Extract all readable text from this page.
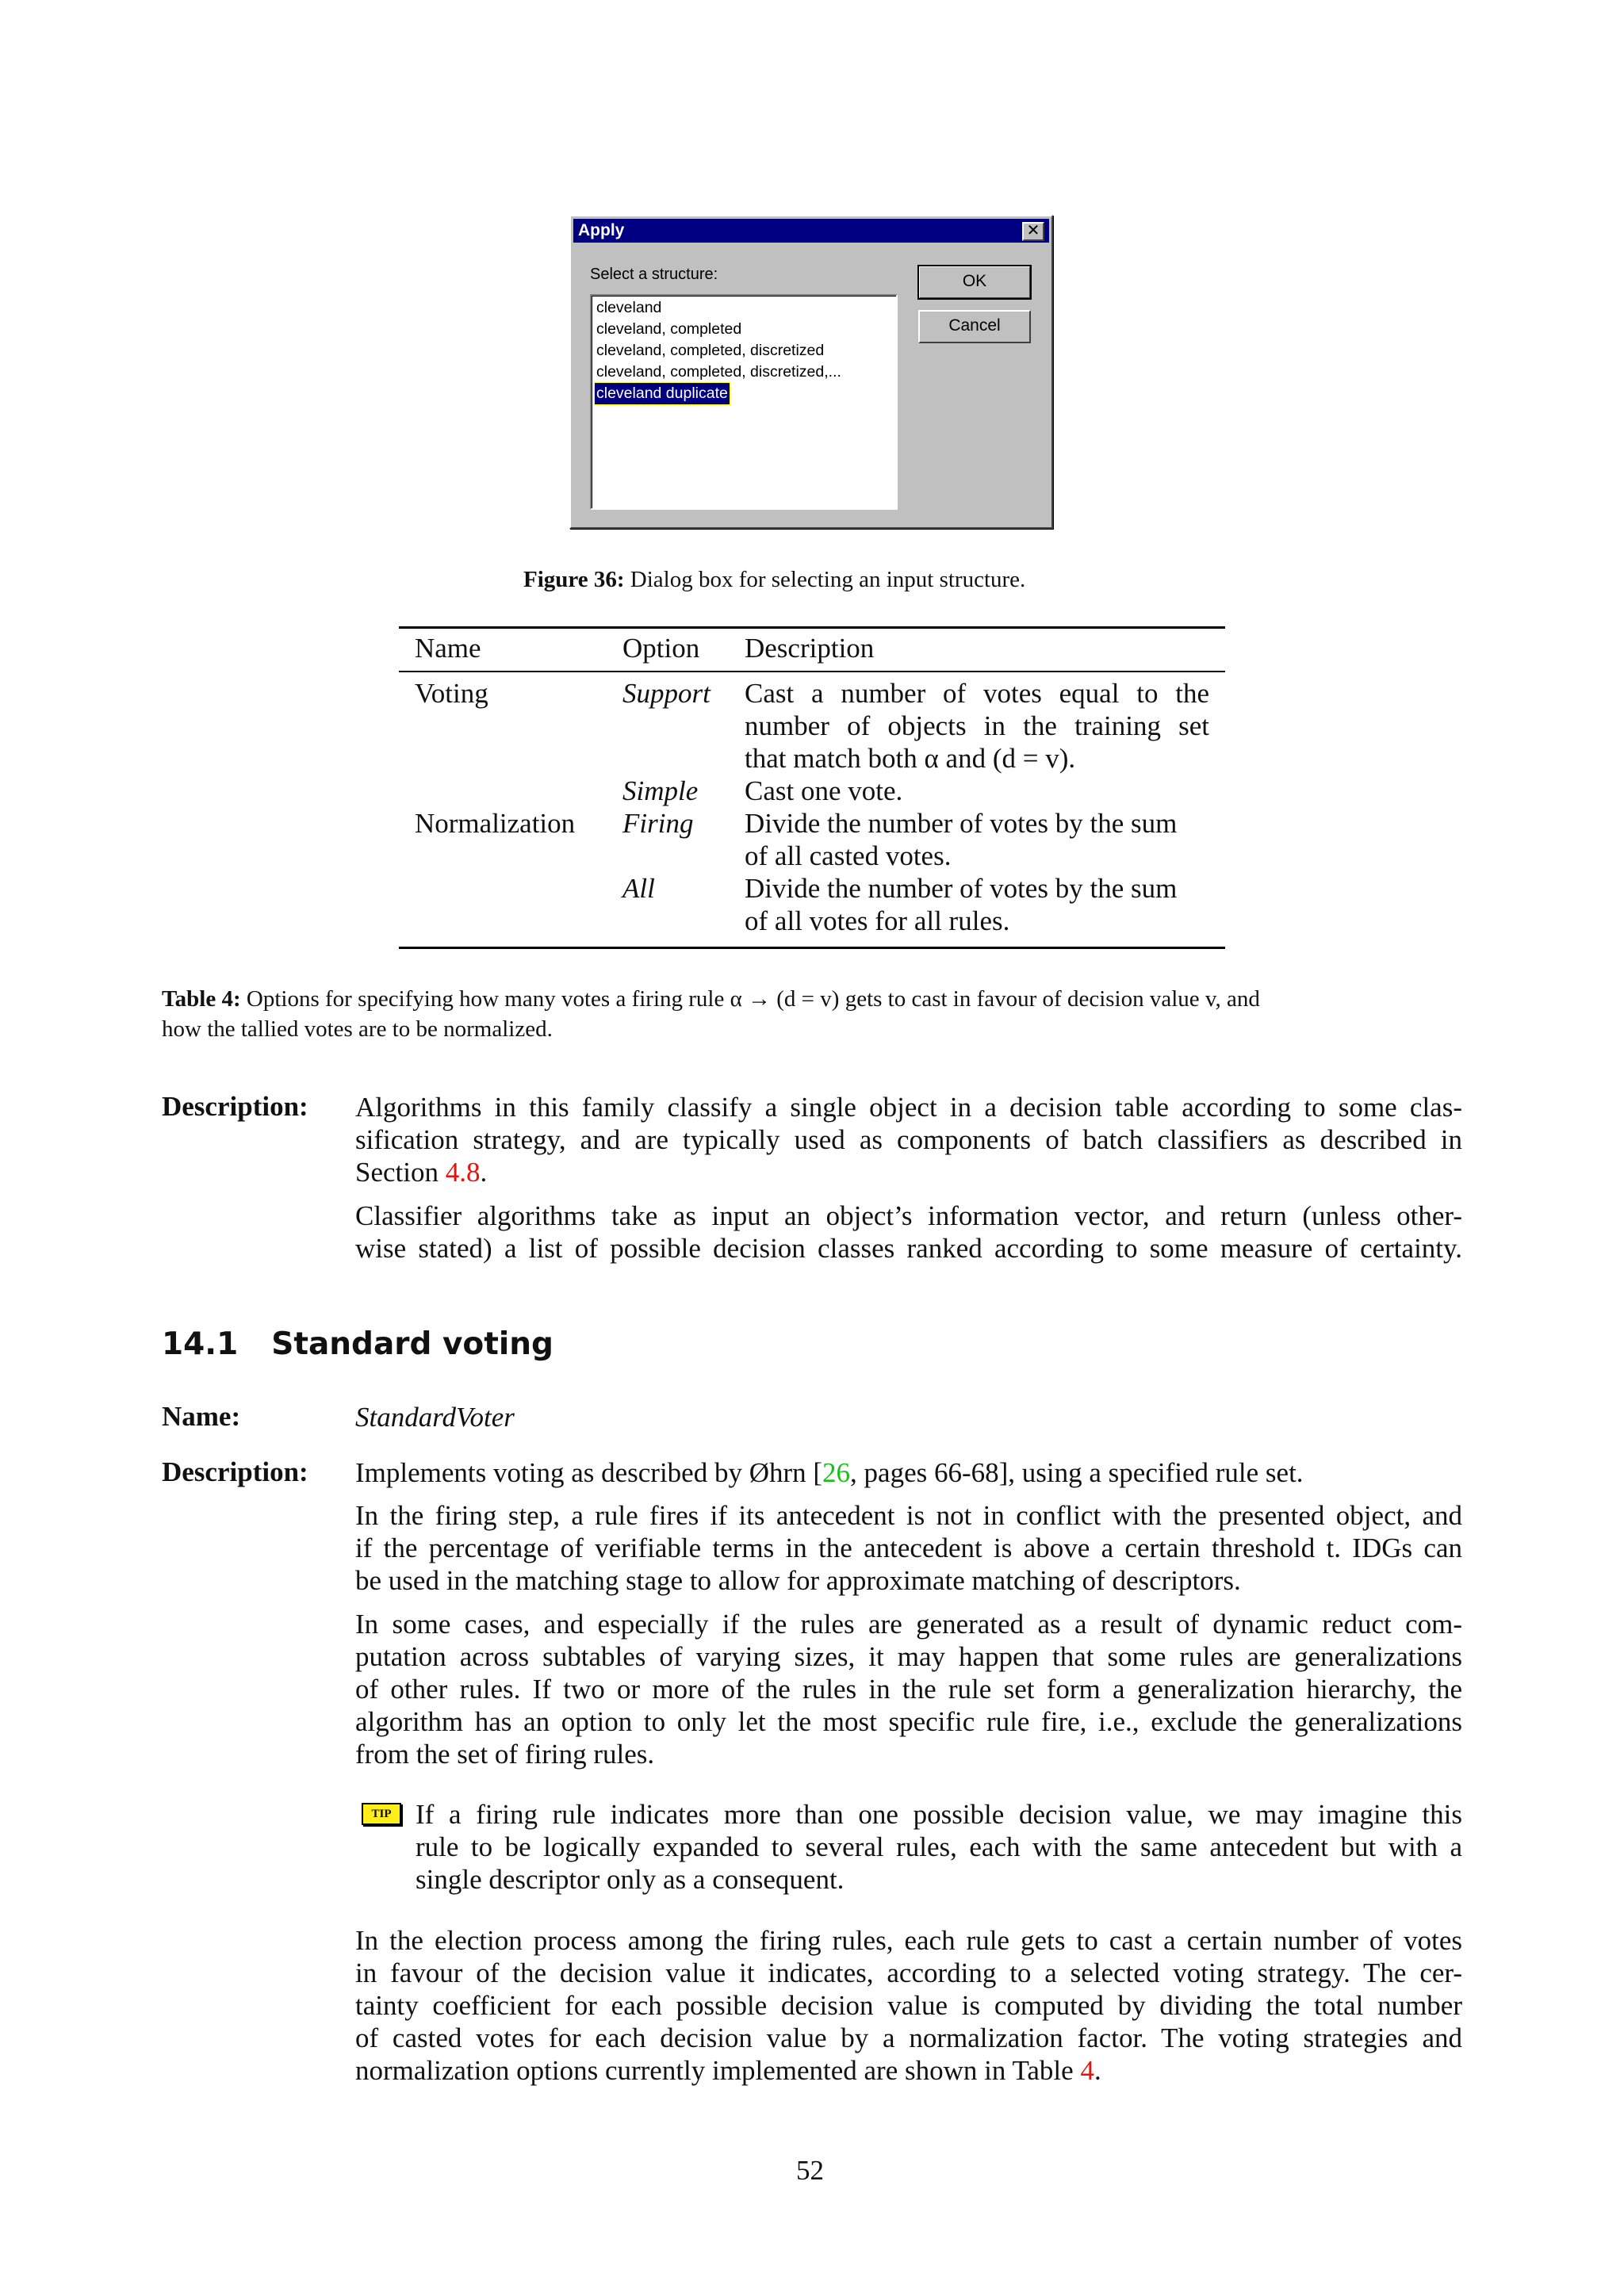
Apply	✕
Select a structure:
cleveland
cleveland, completed
cleveland, completed, discretized
cleveland, completed, discretized,...
cleveland duplicate
OK
Cancel
Figure 36: Dialog box for selecting an input structure.
Name	Option	Description
Voting	Support	Cast a number of votes equal to the
number of objects in the training set
that match both α and (d = v).

	Simple	Cast one vote.
Normalization	Firing	Divide the number of votes by the sum
of all casted votes.

	All	Divide the number of votes by the sum
of all votes for all rules.
Table 4: Options for specifying how many votes a firing rule α → (d = v) gets to cast in favour of decision value v, and
how the tallied votes are to be normalized.
Description: Algorithms in this family classify a single object in a decision table according to some clas-
sification strategy, and are typically used as components of batch classifiers as described in
Section 4.8.
Classifier algorithms take as input an object’s information vector, and return (unless other-
wise stated) a list of possible decision classes ranked according to some measure of certainty.
14.1 Standard voting
Name:	StandardVoter
Description: Implements voting as described by Øhrn [26, pages 66-68], using a specified rule set.
In the firing step, a rule fires if its antecedent is not in conflict with the presented object, and
if the percentage of verifiable terms in the antecedent is above a certain threshold t. IDGs can
be used in the matching stage to allow for approximate matching of descriptors.
In some cases, and especially if the rules are generated as a result of dynamic reduct com-
putation across subtables of varying sizes, it may happen that some rules are generalizations
of other rules. If two or more of the rules in the rule set form a generalization hierarchy, the
algorithm has an option to only let the most specific rule fire, i.e., exclude the generalizations
from the set of firing rules.
TIP If a firing rule indicates more than one possible decision value, we may imagine this
rule to be logically expanded to several rules, each with the same antecedent but with a
single descriptor only as a consequent.
In the election process among the firing rules, each rule gets to cast a certain number of votes
in favour of the decision value it indicates, according to a selected voting strategy. The cer-
tainty coefficient for each possible decision value is computed by dividing the total number
of casted votes for each decision value by a normalization factor. The voting strategies and
normalization options currently implemented are shown in Table 4.
52
